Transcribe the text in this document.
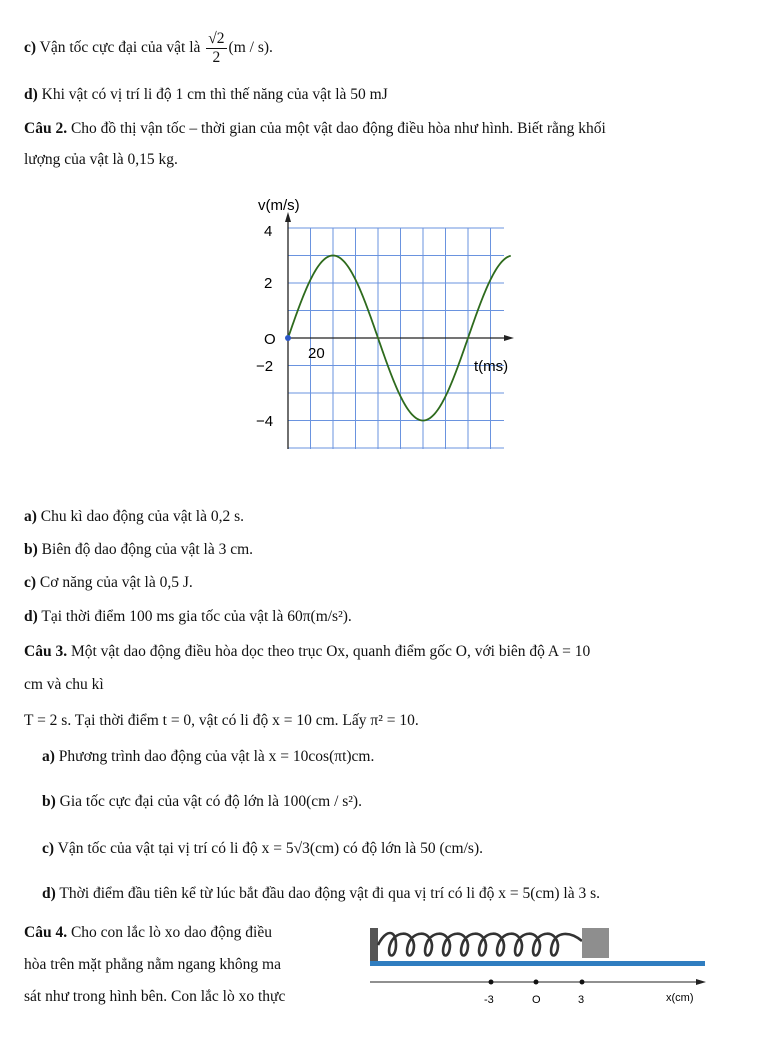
c) Vận tốc cực đại của vật là $\frac{√2}{2} (m / s)$.
d) Khi vật có vị trí li độ 1 cm thì thế năng của vật là 50 mJ
Câu 2. Cho đồ thị vận tốc – thời gian của một vật dao động điều hòa như hình. Biết rằng khối
lượng của vật là 0,15 kg.
v(m/s)
4
2
O
−2
−4
20
t(ms)
a) Chu kì dao động của vật là 0,2 s.
b) Biên độ dao động của vật là 3 cm.
c) Cơ năng của vật là 0,5 J.
d) Tại thời điểm 100 ms gia tốc của vật là 60π(m/s²).
Câu 3. Một vật dao động điều hòa dọc theo trục Ox, quanh điểm gốc O, với biên độ A = 10
cm và chu kì
T = 2 s. Tại thời điểm t = 0, vật có li độ x = 10 cm. Lấy π² = 10.
a) Phương trình dao động của vật là x = 10cos(πt)cm.
b) Gia tốc cực đại của vật có độ lớn là 100(cm / s²).
c) Vận tốc của vật tại vị trí có li độ x = 5√3(cm) có độ lớn là 50 (cm/s).
d) Thời điểm đầu tiên kể từ lúc bắt đầu dao động vật đi qua vị trí có li độ x = 5(cm) là 3 s.
Câu 4. Cho con lắc lò xo dao động điều
hòa trên mặt phẳng nằm ngang không ma
sát như trong hình bên. Con lắc lò xo thực	-3	O	3	x(cm)
